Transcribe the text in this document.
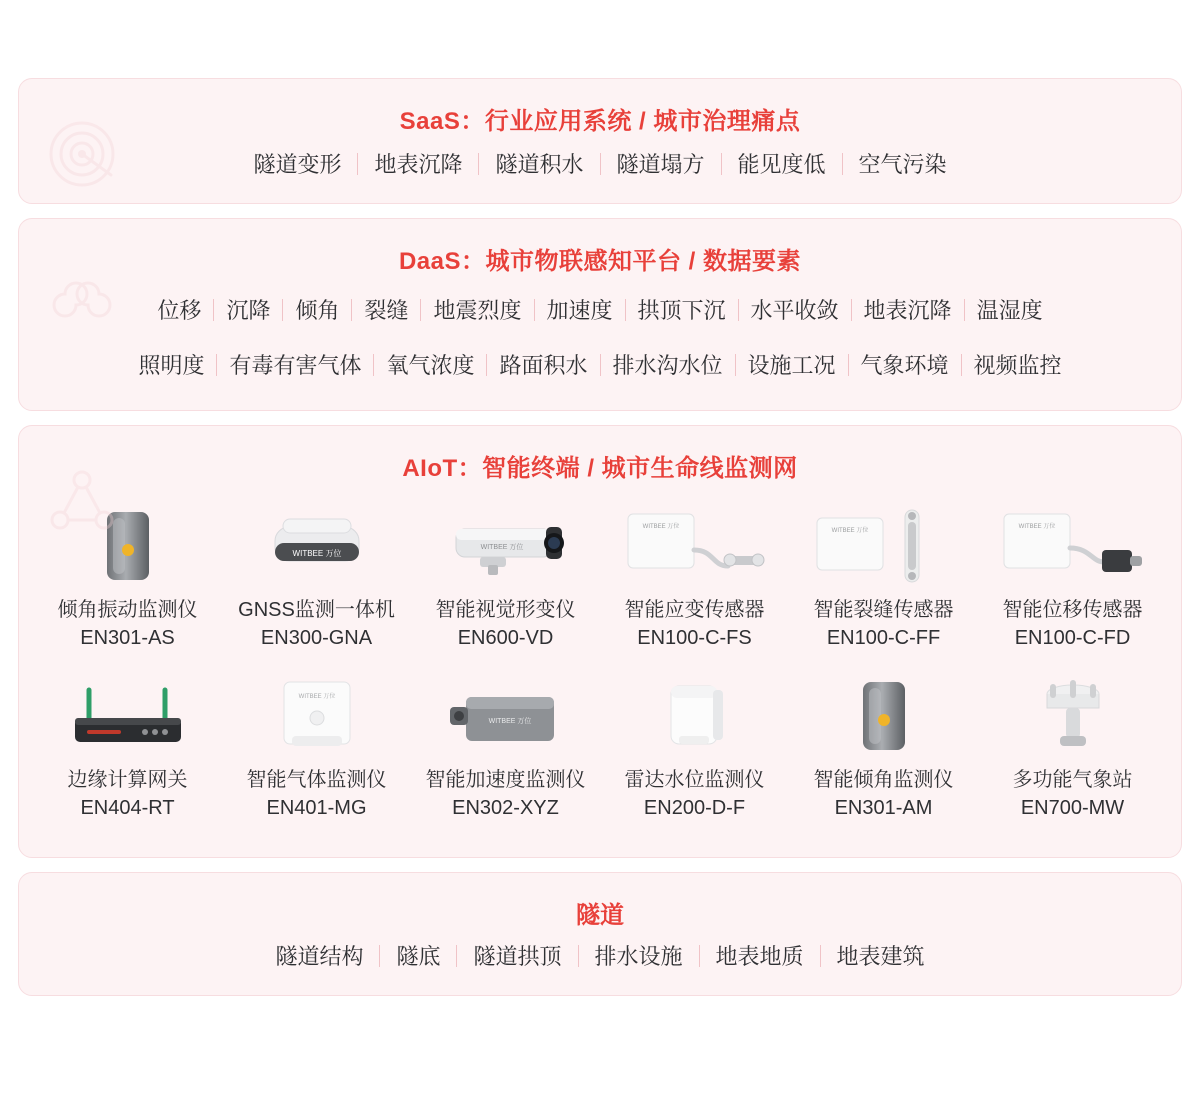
SaaS：行业应用系统 / 城市治理痛点
隧道变形	地表沉降	隧道积水	隧道塌方	能见度低	空气污染
DaaS：城市物联感知平台 / 数据要素
位移	沉降	倾角	裂缝	地震烈度	加速度	拱顶下沉	水平收敛	地表沉降	温湿度
照明度	有毒有害气体	氧气浓度	路面积水	排水沟水位	设施工况	气象环境	视频监控
AIoT：智能终端 / 城市生命线监测网
倾角振动监测仪
EN301-AS
WITBEE 万位
GNSS监测一体机
EN300-GNA
WITBEE 万位
智能视觉形变仪
EN600-VD
WITBEE 万位
智能应变传感器
EN100-C-FS
WITBEE 万位
智能裂缝传感器
EN100-C-FF
WITBEE 万位
智能位移传感器
EN100-C-FD
边缘计算网关
EN404-RT
WITBEE 万位
智能气体监测仪
EN401-MG
WITBEE 万位
智能加速度监测仪
EN302-XYZ
雷达水位监测仪
EN200-D-F
智能倾角监测仪
EN301-AM
多功能气象站
EN700-MW
隧道
隧道结构	隧底	隧道拱顶	排水设施	地表地质	地表建筑
